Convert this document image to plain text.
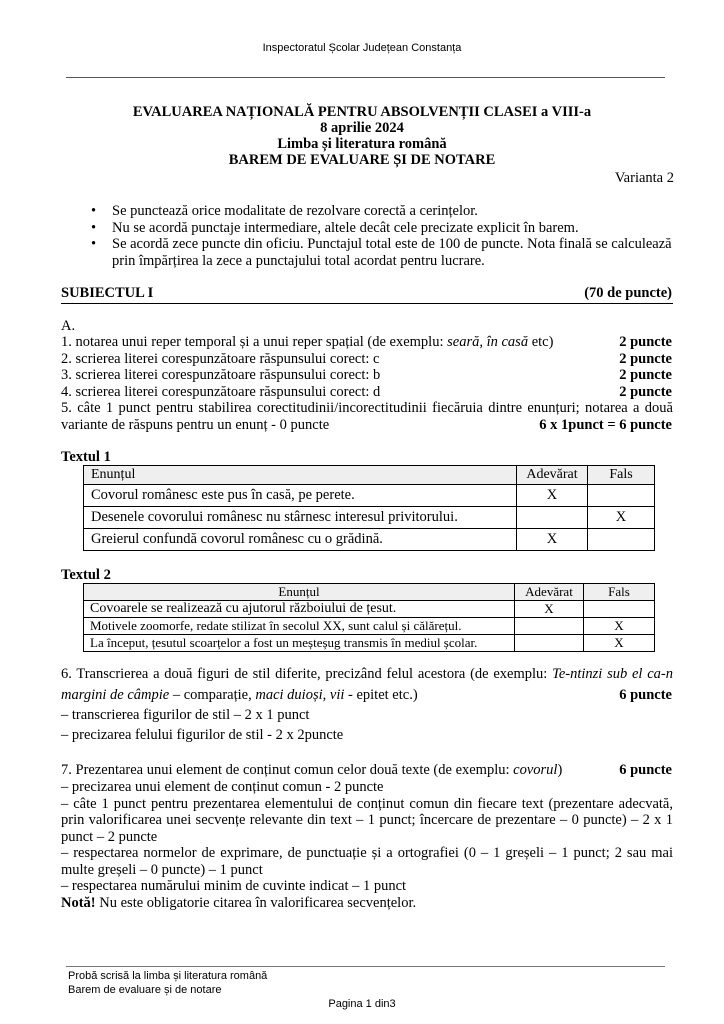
Inspectoratul Școlar Județean Constanța
EVALUAREA NAȚIONALĂ PENTRU ABSOLVENȚII CLASEI a VIII-a
8 aprilie 2024
Limba și literatura română
BAREM DE EVALUARE ȘI DE NOTARE
Varianta 2
• Se punctează orice modalitate de rezolvare corectă a cerințelor.
• Nu se acordă punctaje intermediare, altele decât cele precizate explicit în barem.
• Se acordă zece puncte din oficiu. Punctajul total este de 100 de puncte. Nota finală se calculează
prin împărțirea la zece a punctajului total acordat pentru lucrare.
SUBIECTUL I	(70 de puncte)
A.
1. notarea unui reper temporal și a unui reper spațial (de exemplu: seară, în casă etc)	2 puncte
2. scrierea literei corespunzătoare răspunsului corect: c	2 puncte
3. scrierea literei corespunzătoare răspunsului corect: b	2 puncte
4. scrierea literei corespunzătoare răspunsului corect: d	2 puncte
5. câte 1 punct pentru stabilirea corectitudinii/incorectitudinii fiecăruia dintre enunțuri; notarea a două
variante de răspuns pentru un enunț - 0 puncte	6 x 1punct = 6 puncte
Textul 1
Enunțul	Adevărat	Fals
Covorul românesc este pus în casă, pe perete.	X	
Desenele covorului românesc nu stârnesc interesul privitorului.		X
Greierul confundă covorul românesc cu o grădină.	X	
Textul 2
Enunțul	Adevărat	Fals
Covoarele se realizează cu ajutorul războiului de țesut.	X	
Motivele zoomorfe, redate stilizat în secolul XX, sunt calul și călărețul.		X
La început, țesutul scoarțelor a fost un meșteșug transmis în mediul școlar.		X
6. Transcrierea a două figuri de stil diferite, precizând felul acestora (de exemplu: Te-ntinzi sub el ca-n
margini de câmpie – comparație, maci duioși, vii - epitet etc.)	6 puncte
– transcrierea figurilor de stil – 2 x 1 punct
– precizarea felului figurilor de stil - 2 x 2puncte
7. Prezentarea unui element de conținut comun celor două texte (de exemplu: covorul)	6 puncte
– precizarea unui element de conținut comun - 2 puncte
– câte 1 punct pentru prezentarea elementului de conținut comun din fiecare text (prezentare adecvată,
prin valorificarea unei secvențe relevante din text – 1 punct; încercare de prezentare – 0 puncte) – 2 x 1
punct – 2 puncte
– respectarea normelor de exprimare, de punctuație și a ortografiei (0 – 1 greșeli – 1 punct; 2 sau mai
multe greșeli – 0 puncte) – 1 punct
– respectarea numărului minim de cuvinte indicat – 1 punct
Notă! Nu este obligatorie citarea în valorificarea secvențelor.
Probă scrisă la limba și literatura română
Barem de evaluare și de notare
Pagina 1 din3
